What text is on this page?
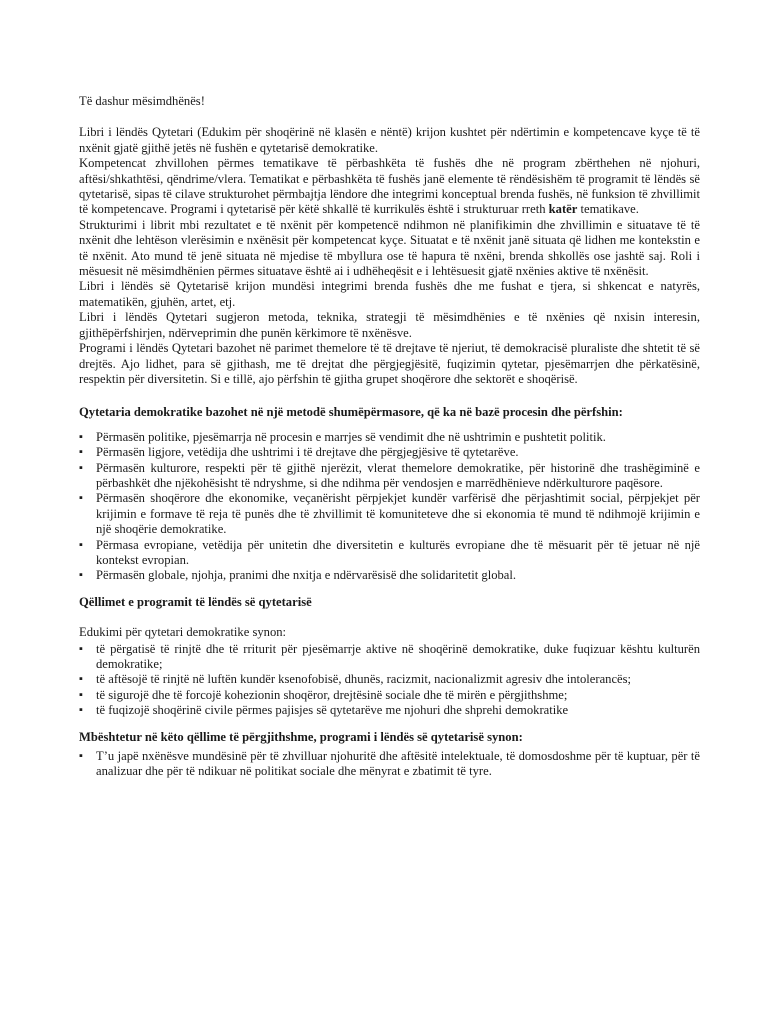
Të dashur mësimdhënës!

Libri i lëndës Qytetari (Edukim për shoqërinë në klasën e nëntë) krijon kushtet për ndërtimin e kompetencave kyçe të të nxënit gjatë gjithë jetës në fushën e qytetarisë demokratike.

Kompetencat zhvillohen përmes tematikave të përbashkëta të fushës dhe në program zbërthehen në njohuri, aftësi/shkathtësi, qëndrime/vlera. Tematikat e përbashkëta të fushës janë elemente të rëndësishëm të programit të lëndës së qytetarisë, sipas të cilave strukturohet përmbajtja lëndore dhe integrimi konceptual brenda fushës, në funksion të zhvillimit të kompetencave. Programi i qytetarisë për këtë shkallë të kurrikulës është i strukturuar rreth katër tematikave.

Strukturimi i librit mbi rezultatet e të nxënit për kompetencë ndihmon në planifikimin dhe zhvillimin e situatave të të nxënit dhe lehtëson vlerësimin e nxënësit për kompetencat kyçe. Situatat e të nxënit janë situata që lidhen me kontekstin e të nxënit. Ato mund të jenë situata në mjedise të mbyllura ose të hapura të nxëni, brenda shkollës ose jashtë saj. Roli i mësuesit në mësimdhënien përmes situatave është ai i udhëheqësit e i lehtësuesit gjatë nxënies aktive të nxënësit.

Libri i lëndës së Qytetarisë krijon mundësi integrimi brenda fushës dhe me fushat e tjera, si shkencat e natyrës, matematikën, gjuhën, artet, etj.

Libri i lëndës Qytetari sugjeron metoda, teknika, strategji të mësimdhënies e të nxënies që nxisin interesin, gjithëpërfshirjen, ndërveprimin dhe punën kërkimore të nxënësve.

Programi i lëndës Qytetari bazohet në parimet themelore të të drejtave të njeriut, të demokracisë pluraliste dhe shtetit të së drejtës. Ajo lidhet, para së gjithash, me të drejtat dhe përgjegjësitë, fuqizimin qytetar, pjesëmarrjen dhe përkatësinë, respektin për diversitetin. Si e tillë, ajo përfshin të gjitha grupet shoqërore dhe sektorët e shoqërisë.

Qytetaria demokratike bazohet në një metodë shumëpërmasore, që ka në bazë procesin dhe përfshin:

▪ Përmasën politike, pjesëmarrja në procesin e marrjes së vendimit dhe në ushtrimin e pushtetit politik.
▪ Përmasën ligjore, vetëdija dhe ushtrimi i të drejtave dhe përgjegjësive të qytetarëve.
▪ Përmasën kulturore, respekti për të gjithë njerëzit, vlerat themelore demokratike, për historinë dhe trashëgiminë e përbashkët dhe njëkohësisht të ndryshme, si dhe ndihma për vendosjen e marrëdhënieve ndërkulturore paqësore.
▪ Përmasën shoqërore dhe ekonomike, veçanërisht përpjekjet kundër varfërisë dhe përjashtimit social, përpjekjet për krijimin e formave të reja të punës dhe të zhvillimit të komuniteteve dhe si ekonomia të mund të ndihmojë krijimin e një shoqërie demokratike.
▪ Përmasa evropiane, vetëdija për unitetin dhe diversitetin e kulturës evropiane dhe të mësuarit për të jetuar në një kontekst evropian.
▪ Përmasën globale, njohja, pranimi dhe nxitja e ndërvarësisë dhe solidaritetit global.

Qëllimet e programit të lëndës së qytetarisë

Edukimi për qytetari demokratike synon:

▪ të përgatisë të rinjtë dhe të rriturit për pjesëmarrje aktive në shoqërinë demokratike, duke fuqizuar kështu kulturën demokratike;
▪ të aftësojë të rinjtë në luftën kundër ksenofobisë, dhunës, racizmit, nacionalizmit agresiv dhe intolerancës;
▪ të sigurojë dhe të forcojë kohezionin shoqëror, drejtësinë sociale dhe të mirën e përgjithshme;
▪ të fuqizojë shoqërinë civile përmes pajisjes së qytetarëve me njohuri dhe shprehi demokratike

Mbështetur në këto qëllime të përgjithshme, programi i lëndës së qytetarisë synon:

▪ T’u japë nxënësve mundësinë për të zhvilluar njohuritë dhe aftësitë intelektuale, të domosdoshme për të kuptuar, për të analizuar dhe për të ndikuar në politikat sociale dhe mënyrat e zbatimit të tyre.
